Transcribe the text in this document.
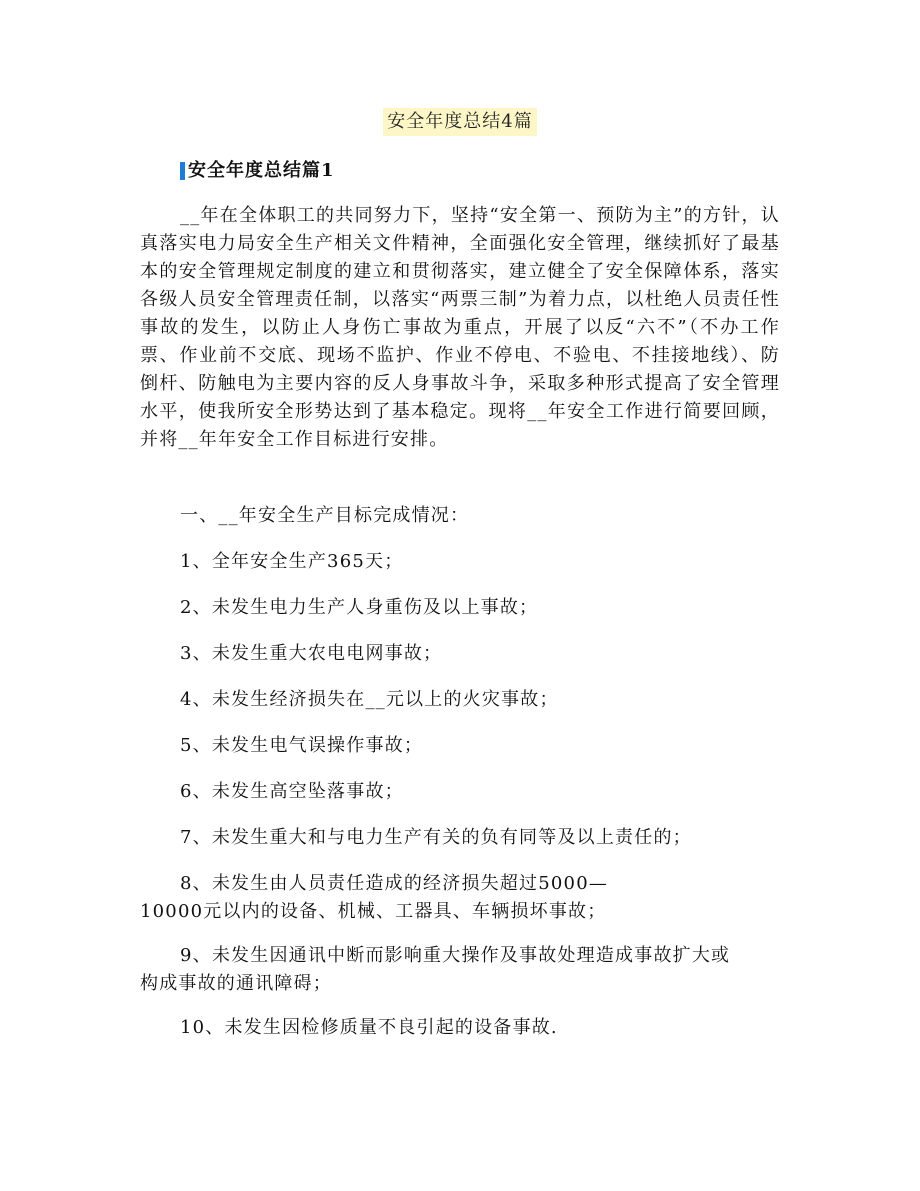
安全年度总结4篇
安全年度总结篇1

__年在全体职工的共同努力下，坚持“安全第一、预防为主”的方针，认真落实电力局安全生产相关文件精神，全面强化安全管理，继续抓好了最基本的安全管理规定制度的建立和贯彻落实，建立健全了安全保障体系，落实各级人员安全管理责任制，以落实“两票三制”为着力点，以杜绝人员责任性事故的发生，以防止人身伤亡事故为重点，开展了以反“六不”（不办工作票、作业前不交底、现场不监护、作业不停电、不验电、不挂接地线）、防倒杆、防触电为主要内容的反人身事故斗争，采取多种形式提高了安全管理水平，使我所安全形势达到了基本稳定。现将__年安全工作进行简要回顾，并将__年年安全工作目标进行安排。

一、__年安全生产目标完成情况：
1、全年安全生产365天；
2、未发生电力生产人身重伤及以上事故；
3、未发生重大农电电网事故；
4、未发生经济损失在__元以上的火灾事故；
5、未发生电气误操作事故；
6、未发生高空坠落事故；
7、未发生重大和与电力生产有关的负有同等及以上责任的；
8、未发生由人员责任造成的经济损失超过5000—
10000元以内的设备、机械、工器具、车辆损坏事故；
9、未发生因通讯中断而影响重大操作及事故处理造成事故扩大或
构成事故的通讯障碍；
10、未发生因检修质量不良引起的设备事故.
